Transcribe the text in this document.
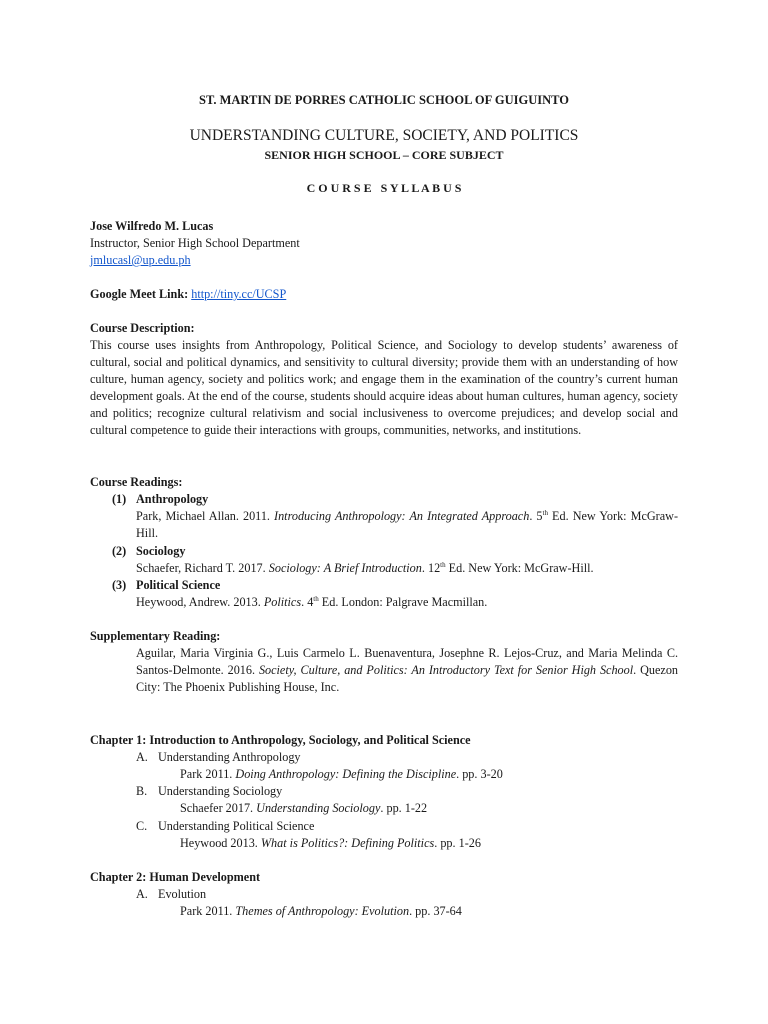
ST. MARTIN DE PORRES CATHOLIC SCHOOL OF GUIGUINTO
UNDERSTANDING CULTURE, SOCIETY, AND POLITICS
SENIOR HIGH SCHOOL – CORE SUBJECT
C O U R S E   S Y L L A B U S
Jose Wilfredo M. Lucas
Instructor, Senior High School Department
jmlucasl@up.edu.ph
Google Meet Link: http://tiny.cc/UCSP
Course Description:
This course uses insights from Anthropology, Political Science, and Sociology to develop students’ awareness of cultural, social and political dynamics, and sensitivity to cultural diversity; provide them with an understanding of how culture, human agency, society and politics work; and engage them in the examination of the country’s current human development goals. At the end of the course, students should acquire ideas about human cultures, human agency, society and politics; recognize cultural relativism and social inclusiveness to overcome prejudices; and develop social and cultural competence to guide their interactions with groups, communities, networks, and institutions.
Course Readings:
(1) Anthropology
Park, Michael Allan. 2011. Introducing Anthropology: An Integrated Approach. 5th Ed. New York: McGraw-Hill.
(2) Sociology
Schaefer, Richard T. 2017. Sociology: A Brief Introduction. 12th Ed. New York: McGraw-Hill.
(3) Political Science
Heywood, Andrew. 2013. Politics. 4th Ed. London: Palgrave Macmillan.
Supplementary Reading:
Aguilar, Maria Virginia G., Luis Carmelo L. Buenaventura, Josephne R. Lejos-Cruz, and Maria Melinda C. Santos-Delmonte. 2016. Society, Culture, and Politics: An Introductory Text for Senior High School. Quezon City: The Phoenix Publishing House, Inc.
Chapter 1: Introduction to Anthropology, Sociology, and Political Science
A. Understanding Anthropology
Park 2011. Doing Anthropology: Defining the Discipline. pp. 3-20
B. Understanding Sociology
Schaefer 2017. Understanding Sociology. pp. 1-22
C. Understanding Political Science
Heywood 2013. What is Politics?: Defining Politics. pp. 1-26
Chapter 2: Human Development
A. Evolution
Park 2011. Themes of Anthropology: Evolution. pp. 37-64
